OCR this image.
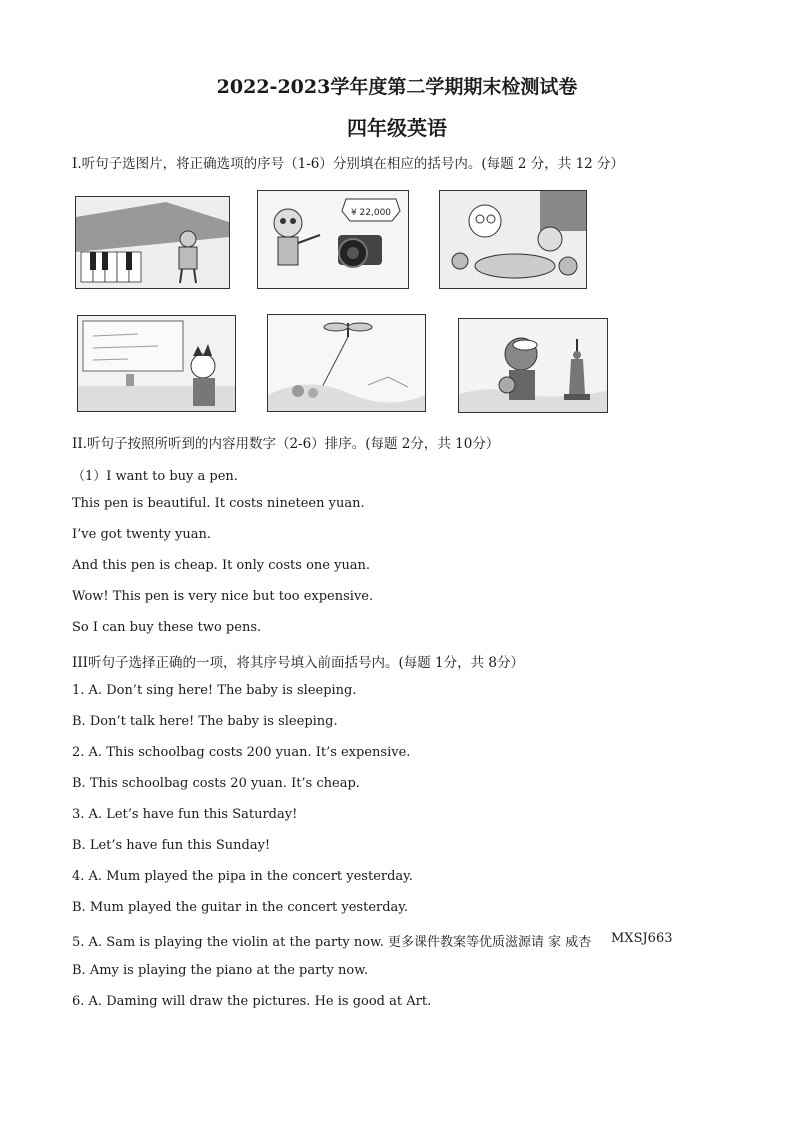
2022-2023学年度第二学期期末检测试卷
四年级英语
I.听句子选图片，将正确选项的序号（1-6）分别填在相应的括号内。(每题 2 分，共 12 分）
¥ 22,000
II.听句子按照所听到的内容用数字（2-6）排序。(每题 2分，共 10分）
（1）I want to buy a pen.
This pen is beautiful. It costs nineteen yuan.
I’ve got twenty yuan.
And this pen is cheap. It only costs one yuan.
Wow! This pen is very nice but too expensive.
So I can buy these two pens.
III听句子选择正确的一项，将其序号填入前面括号内。(每题 1分，共 8分）
1. A. Don’t sing here! The baby is sleeping.
B. Don’t talk here! The baby is sleeping.
2. A. This schoolbag costs 200 yuan. It’s expensive.
B. This schoolbag costs 20 yuan. It’s cheap.
3. A. Let’s have fun this Saturday!
B. Let’s have fun this Sunday!
4. A. Mum played the pipa in the concert yesterday.
B. Mum played the guitar in the concert yesterday.
5. A. Sam is playing the violin at the party now. 更多课件教案等优质滋源请 家 威杏 MXSJ663
B. Amy is playing the piano at the party now.
6. A. Daming will draw the pictures. He is good at Art.
